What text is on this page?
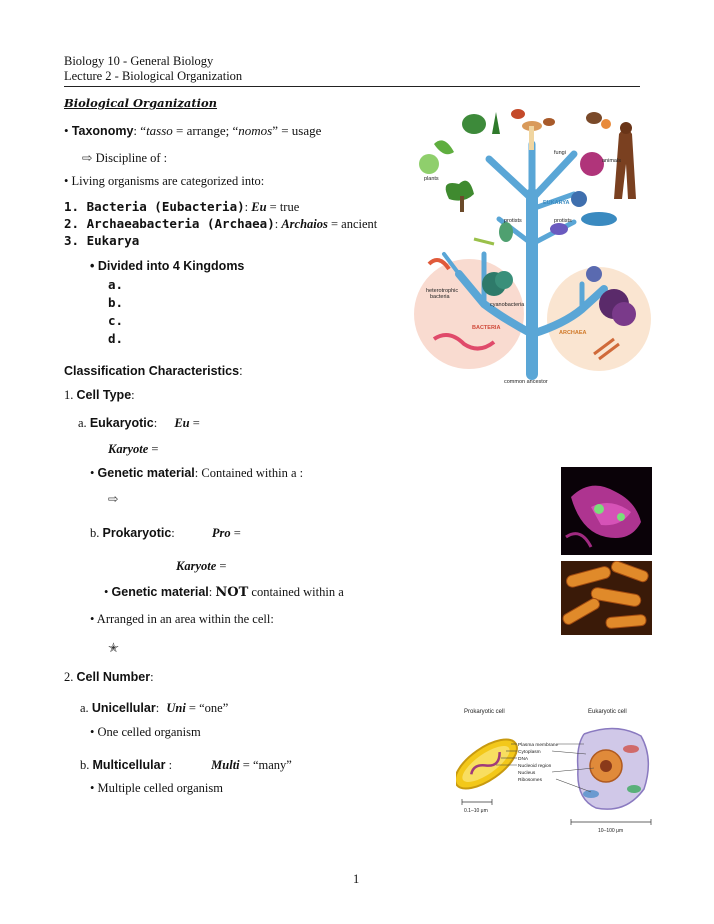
Biology 10 - General Biology
Lecture 2 - Biological Organization
Biological Organization
• Taxonomy: “tasso = arrange; “nomos” = usage
⇨ Discipline of :
• Living organisms are categorized into:
1. Bacteria (Eubacteria): Eu = true
2. Archaeabacteria (Archaea): Archaios = ancient
3. Eukarya
• Divided into 4 Kingdoms
a.
b.
c.
d.
Classification Characteristics:
1. Cell Type:
a. Eukaryotic: Eu =
Karyote =
• Genetic material: Contained within a :
⇨
b. Prokaryotic:	Pro =
Karyote =
• Genetic material: NOT contained within a
• Arranged in an area within the cell:
✭
2. Cell Number:
a. Unicellular: Uni = “one”
• One celled organism
b. Multicellular :	Multi = “many”
• Multiple celled organism
plants
fungi
animals
EUKARYA
protists	protists
heterotrophic
bacteria
cyanobacteria
BACTERIA
ARCHAEA
common ancestor
Prokaryotic cell	Eukaryotic cell
Plasma membrane
Cytoplasm
DNA
Nucleoid region
Nucleus
Ribosomes
0.1–10 μm
10–100 μm
1
